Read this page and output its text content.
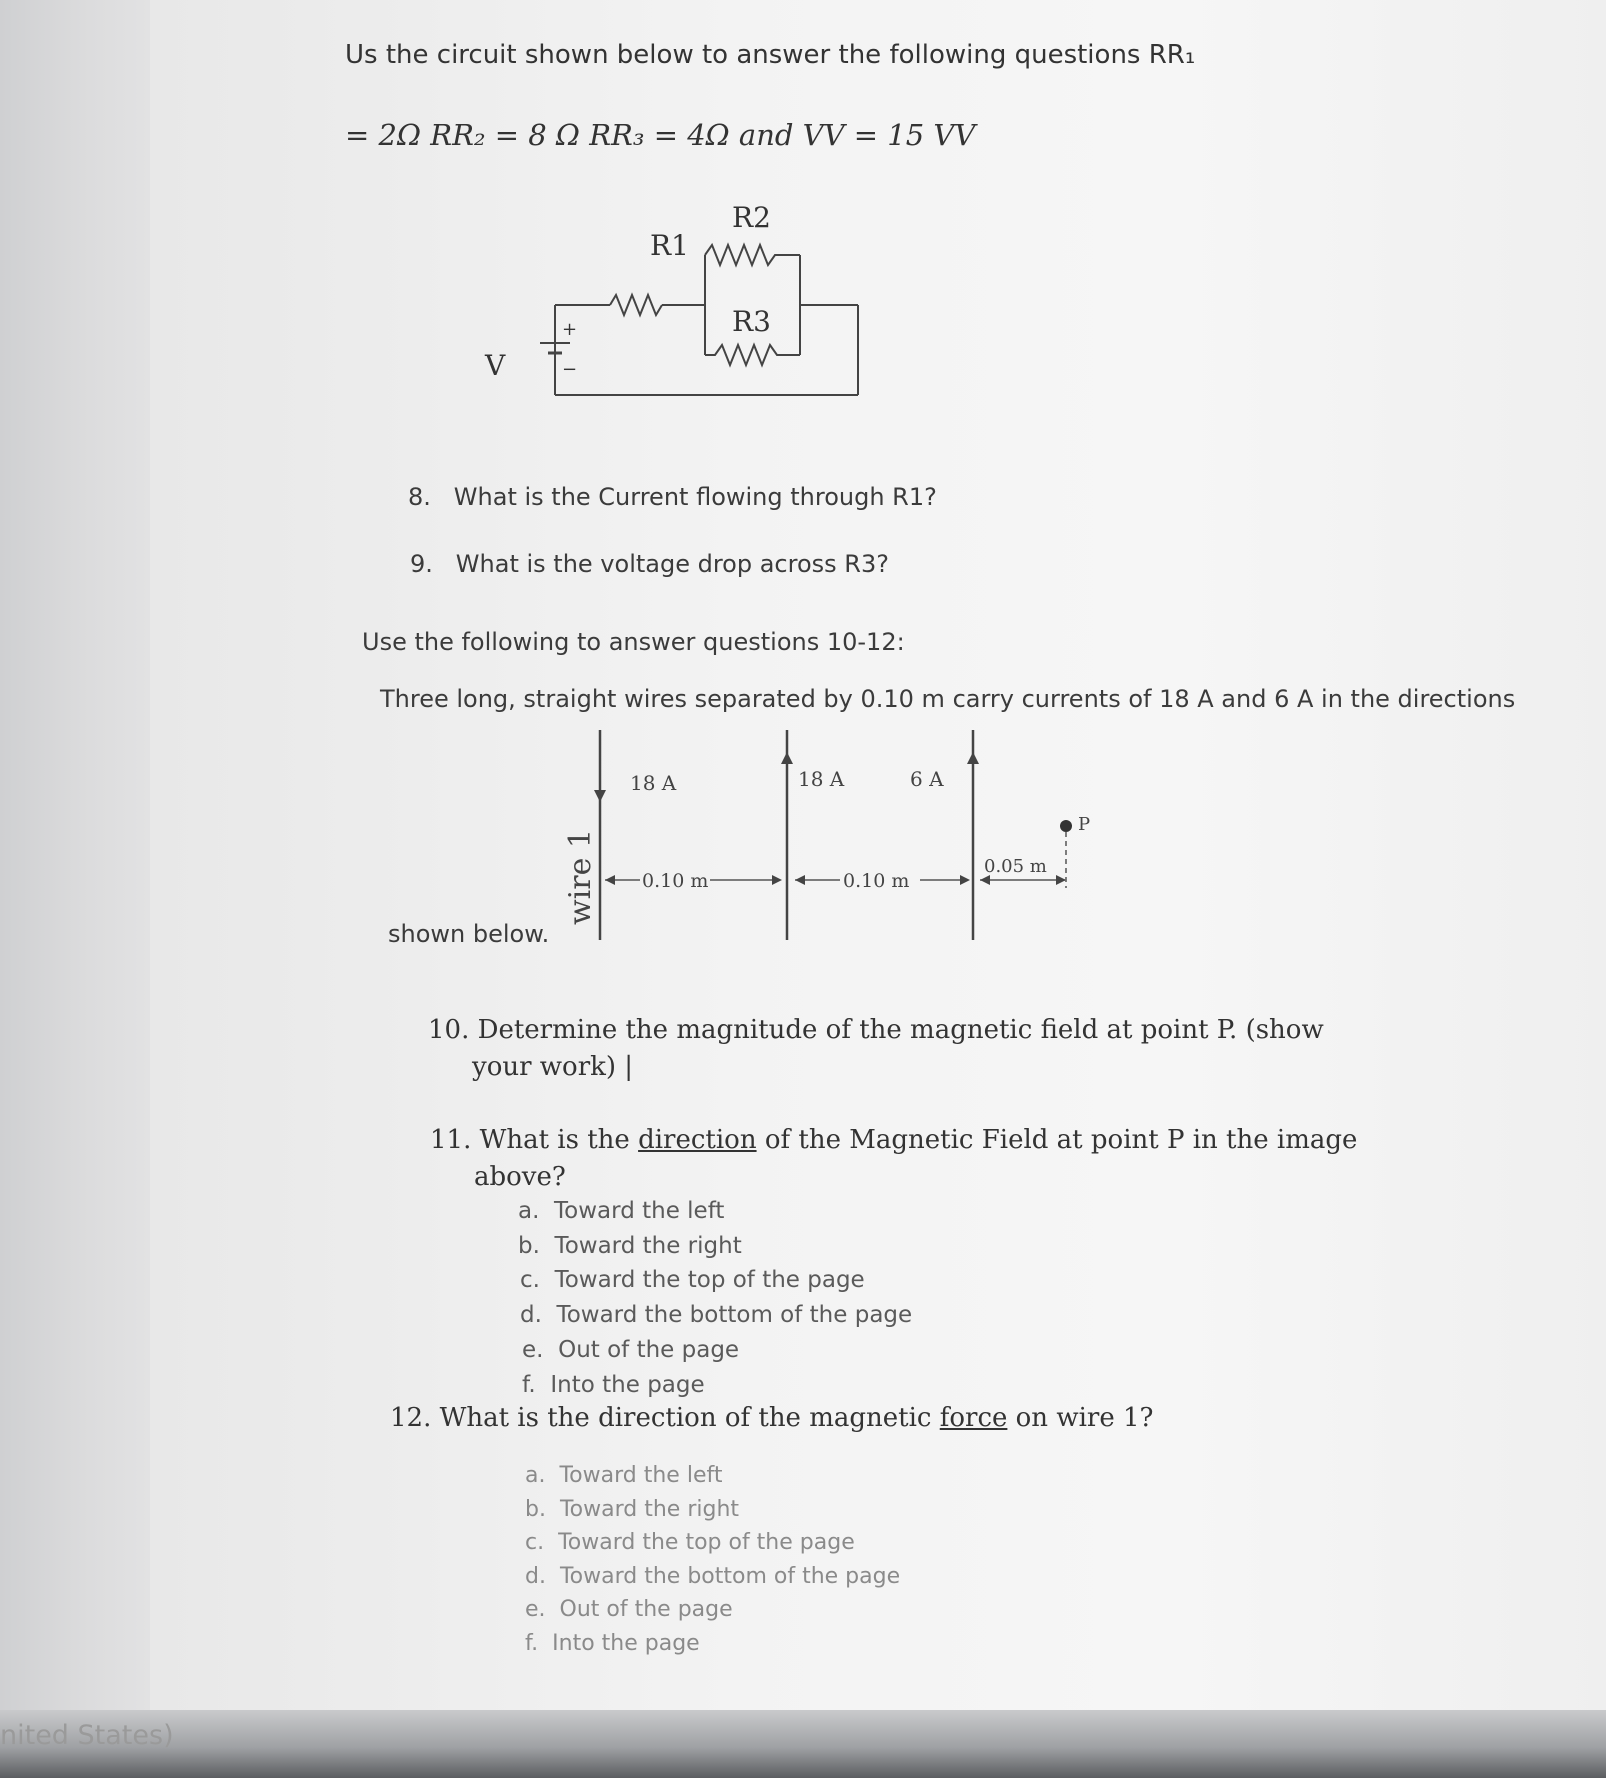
Us the circuit shown below to answer the following questions RR₁
= 2Ω RR₂ = 8 Ω RR₃ = 4Ω and VV = 15 VV
R1
R2
R3
V
+
−
8. What is the Current flowing through R1?
9. What is the voltage drop across R3?
Use the following to answer questions 10-12:
Three long, straight wires separated by 0.10 m carry currents of 18 A and 6 A in the directions
shown below.
18 A	18 A	6 A
P
0.10 m	0.10 m
0.05 m
wire 1
10. Determine the magnitude of the magnetic field at point P. (show
your work) |
11. What is the direction of the Magnetic Field at point P in the image
above?
a. Toward the left
b. Toward the right
c. Toward the top of the page
d. Toward the bottom of the page
e. Out of the page
f. Into the page
12. What is the direction of the magnetic force on wire 1?
a. Toward the left
b. Toward the right
c. Toward the top of the page
d. Toward the bottom of the page
e. Out of the page
f. Into the page
nited States)
